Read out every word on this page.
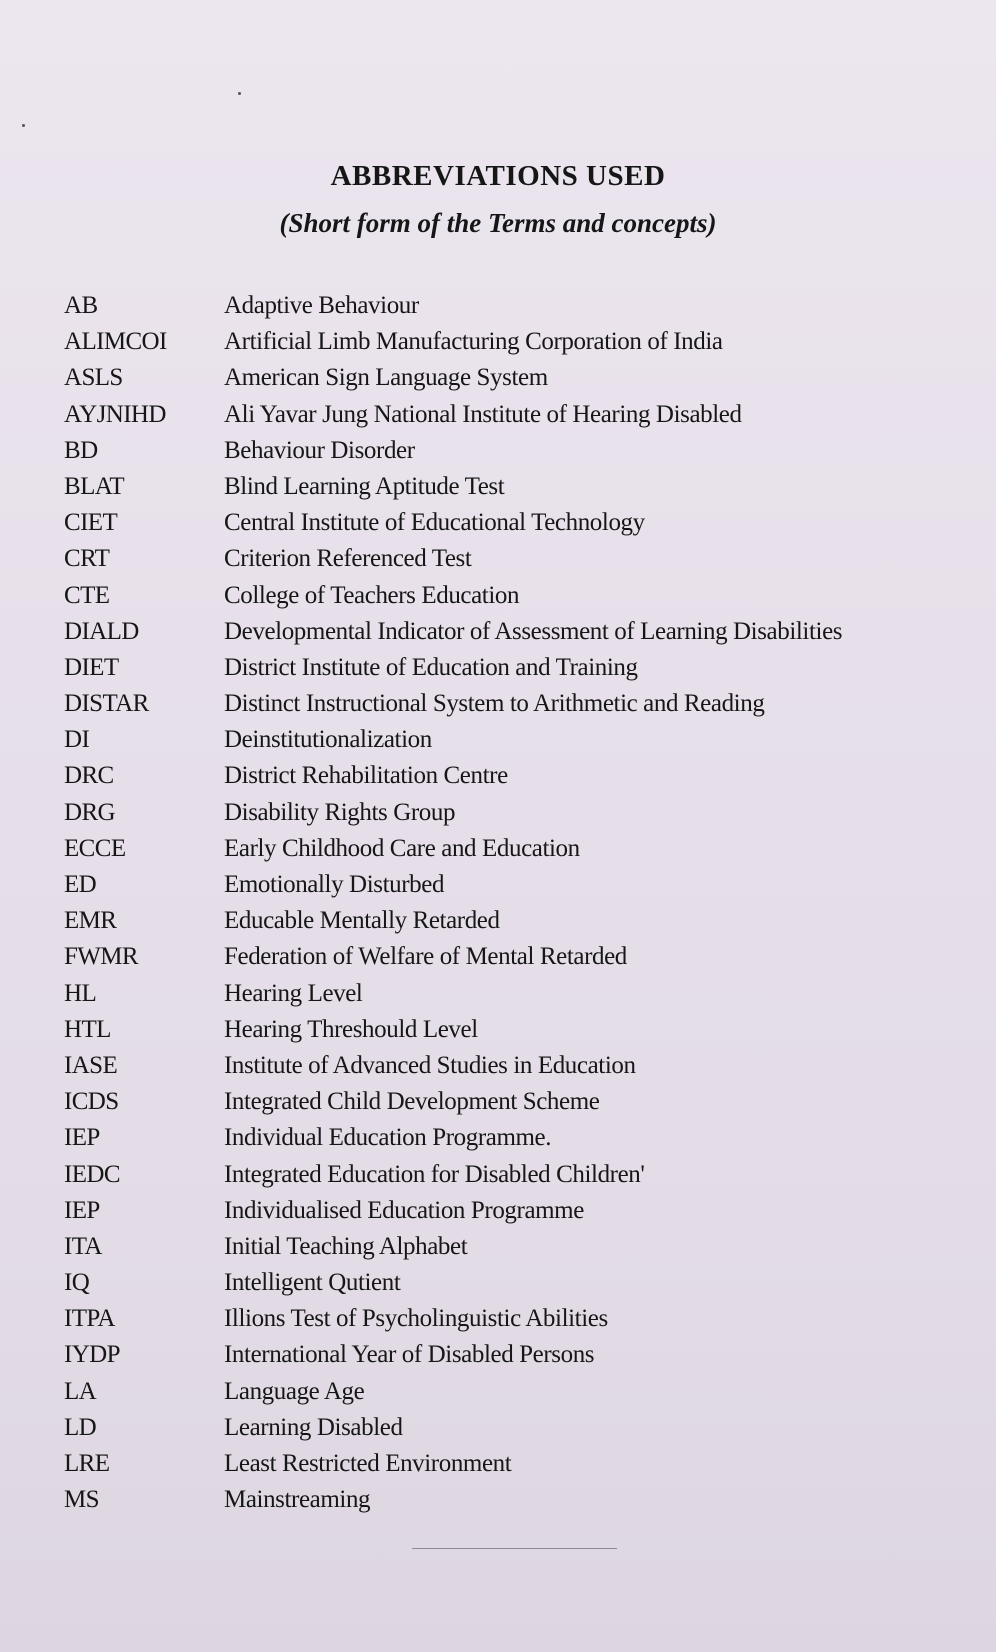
ABBREVIATIONS USED
(Short form of the Terms and concepts)
AB	Adaptive Behaviour
ALIMCOI Artificial Limb Manufacturing Corporation of India
ASLS	American Sign Language System
AYJNIHD Ali Yavar Jung National Institute of Hearing Disabled
BD	Behaviour Disorder
BLAT	Blind Learning Aptitude Test
CIET	Central Institute of Educational Technology
CRT	Criterion Referenced Test
CTE	College of Teachers Education
DIALD	Developmental Indicator of Assessment of Learning Disabilities
DIET	District Institute of Education and Training
DISTAR	Distinct Instructional System to Arithmetic and Reading
DI	Deinstitutionalization
DRC	District Rehabilitation Centre
DRG	Disability Rights Group
ECCE	Early Childhood Care and Education
ED	Emotionally Disturbed
EMR	Educable Mentally Retarded
FWMR	Federation of Welfare of Mental Retarded
HL	Hearing Level
HTL	Hearing Threshould Level
IASE	Institute of Advanced Studies in Education
ICDS	Integrated Child Development Scheme
IEP	Individual Education Programme.
IEDC	Integrated Education for Disabled Children'
IEP	Individualised Education Programme
ITA	Initial Teaching Alphabet
IQ	Intelligent Qutient
ITPA	Illions Test of Psycholinguistic Abilities
IYDP	International Year of Disabled Persons
LA	Language Age
LD	Learning Disabled
LRE	Least Restricted Environment
MS	Mainstreaming
